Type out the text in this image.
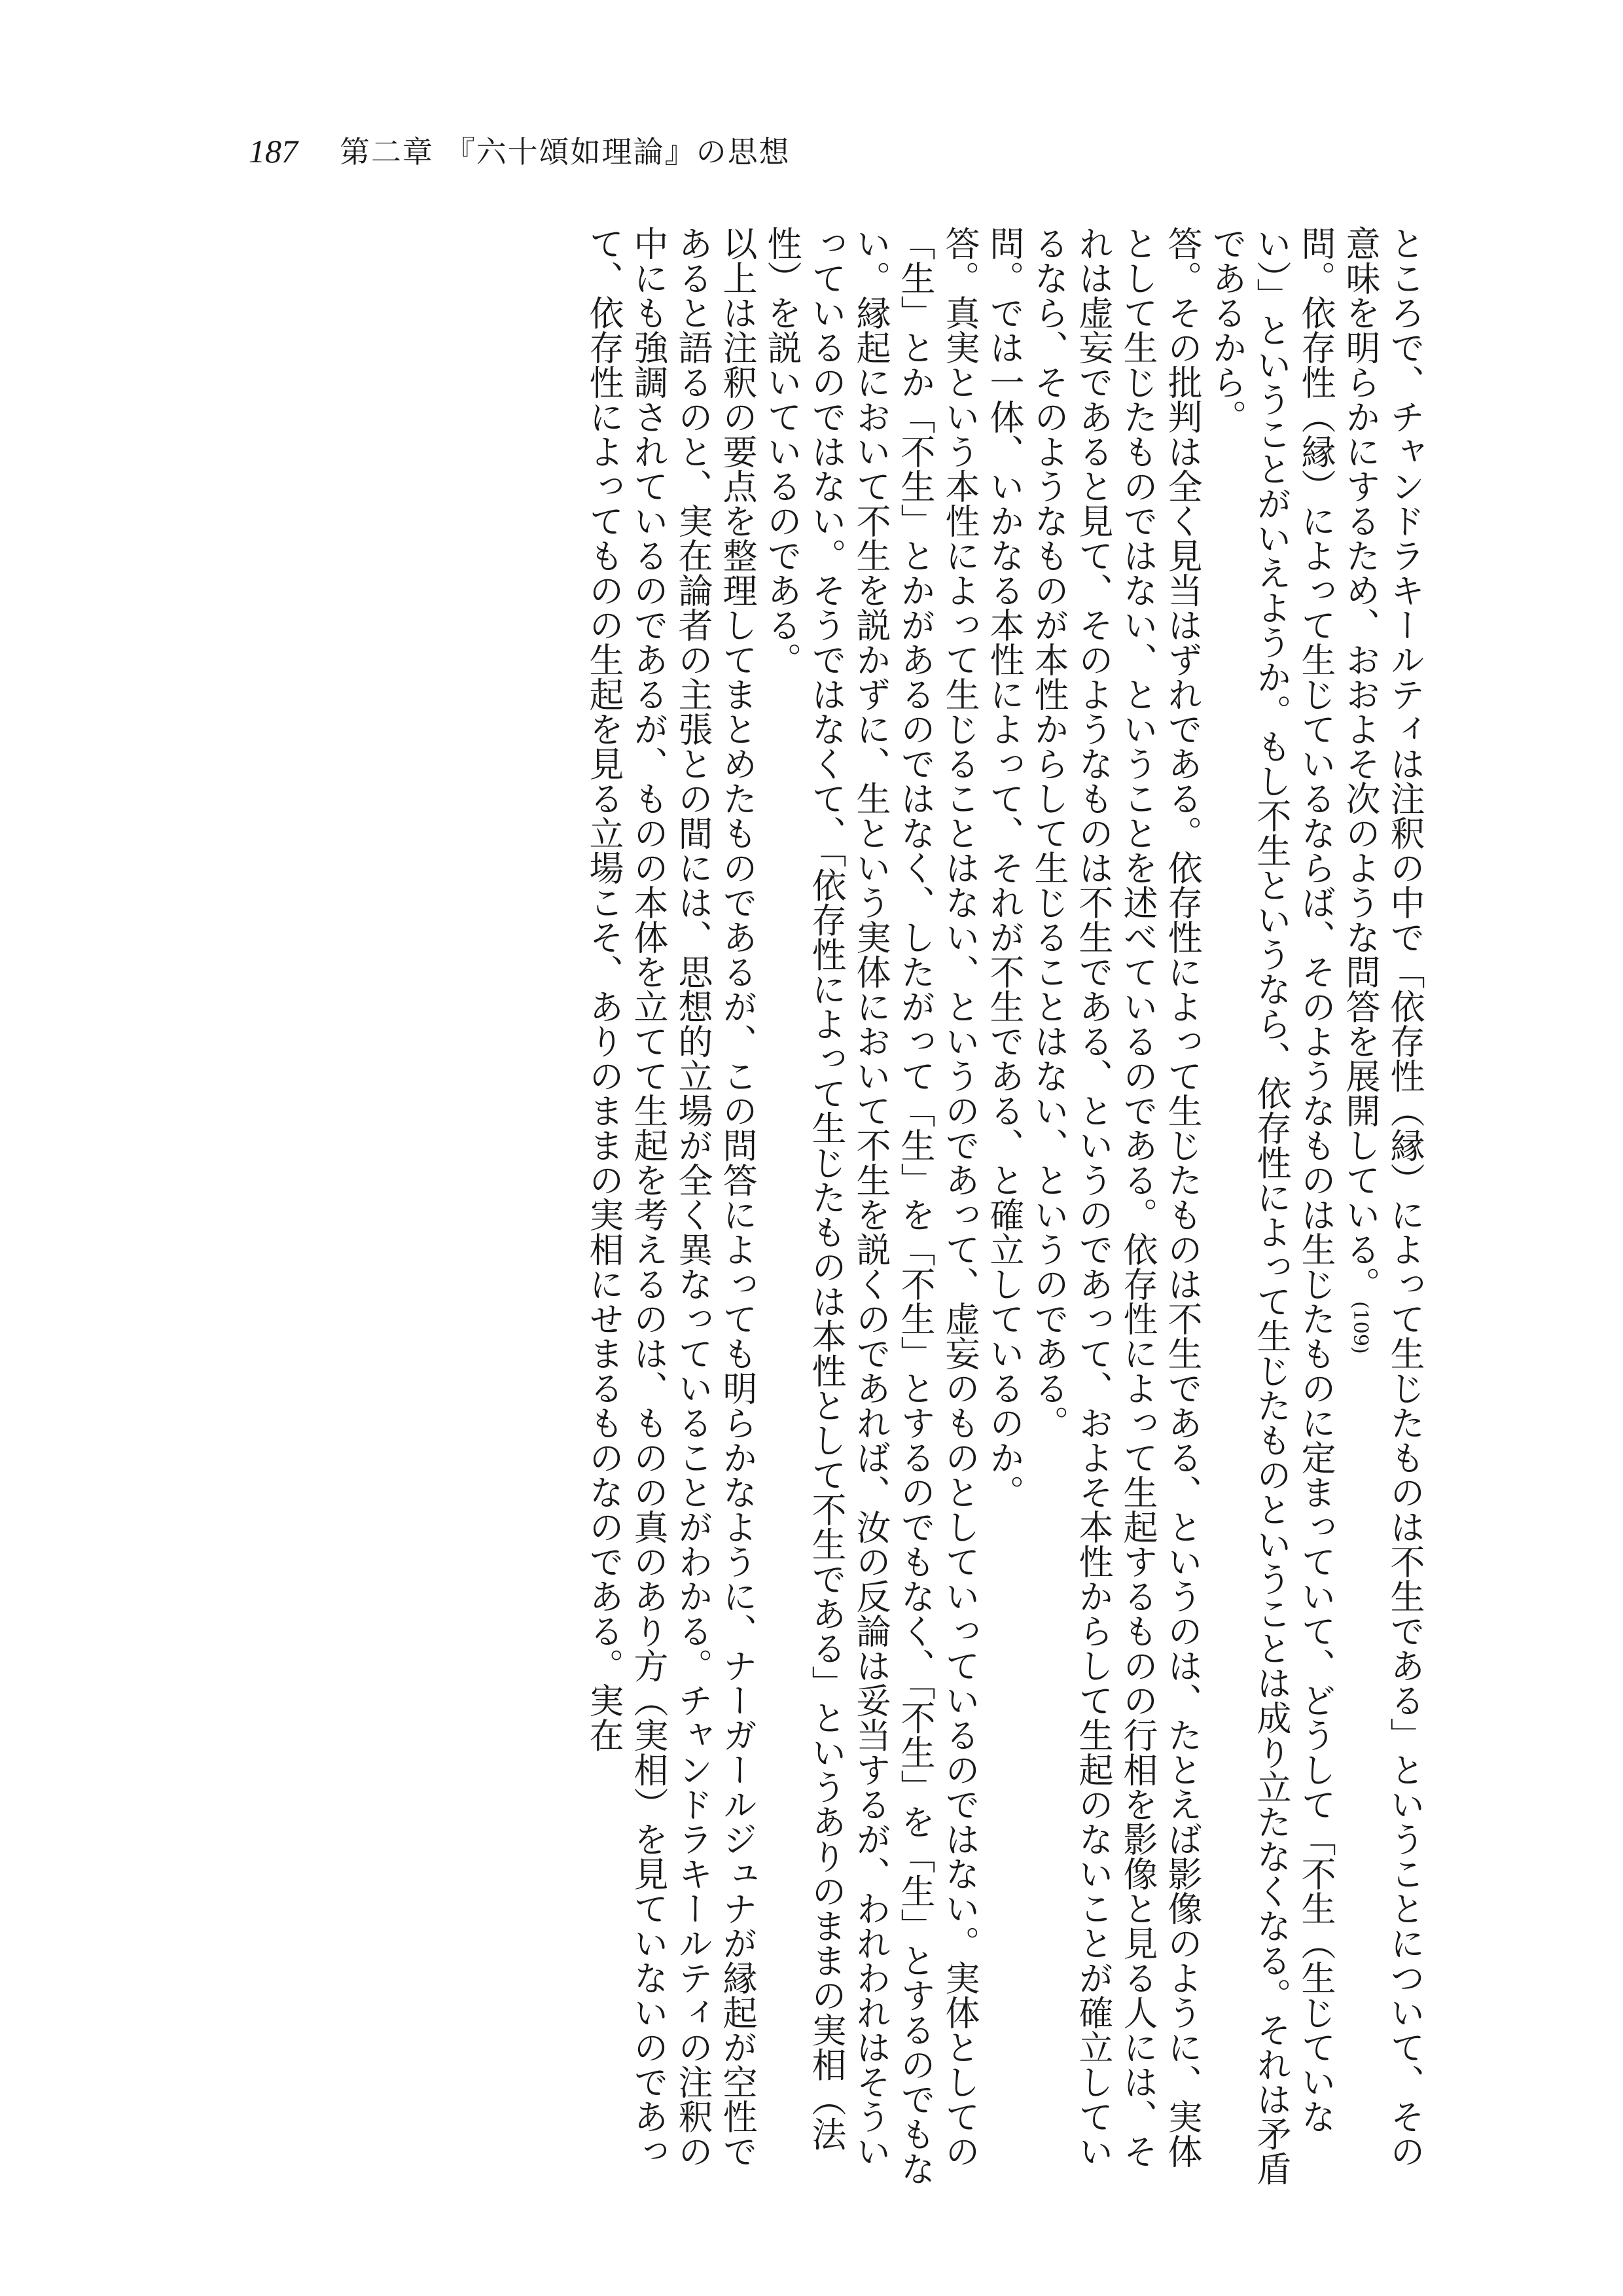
187 第二章 『六十頌如理論』の思想

ところで、チャンドラキールティは注釈の中で「依存性（縁）によって生じたものは不生である」ということについて、その意味を明らかにするため、おおよそ次のような問答を展開している。(109)

問。依存性（縁）によって生じているならば、そのようなものは生じたものに定まっていて、どうして「不生（生じていない）」ということがいえようか。もし不生というなら、依存性によって生じたものということは成り立たなくなる。それは矛盾であるから。

答。その批判は全く見当はずれである。依存性によって生じたものは不生である、というのは、たとえば影像のように、実体として生じたものではない、ということを述べているのである。依存性によって生起するものの行相を影像と見る人には、それは虚妄であると見て、そのようなものは不生である、というのであって、およそ本性からして生起のないことが確立しているなら、そのようなものが本性からして生じることはない、というのである。

問。では一体、いかなる本性によって、それが不生である、と確立しているのか。

答。真実という本性によって生じることはない、というのであって、虚妄のものとしていっているのではない。実体としての「生」とか「不生」とかがあるのではなく、したがって「生」を「不生」とするのでもなく、「不生」を「生」とするのでもない。縁起において不生を説かずに、生という実体において不生を説くのであれば、汝の反論は妥当するが、われわれはそういっているのではない。そうではなくて、「依存性によって生じたものは本性として不生である」というありのままの実相（法性）を説いているのである。

以上は注釈の要点を整理してまとめたものであるが、この問答によっても明らかなように、ナーガールジュナが縁起が空性であると語るのと、実在論者の主張との間には、思想的立場が全く異なっていることがわかる。チャンドラキールティの注釈の中にも強調されているのであるが、ものの本体を立てて生起を考えるのは、ものの真のあり方（実相）を見ていないのであって、依存性によってものの生起を見る立場こそ、ありのままの実相にせまるものなのである。実在
